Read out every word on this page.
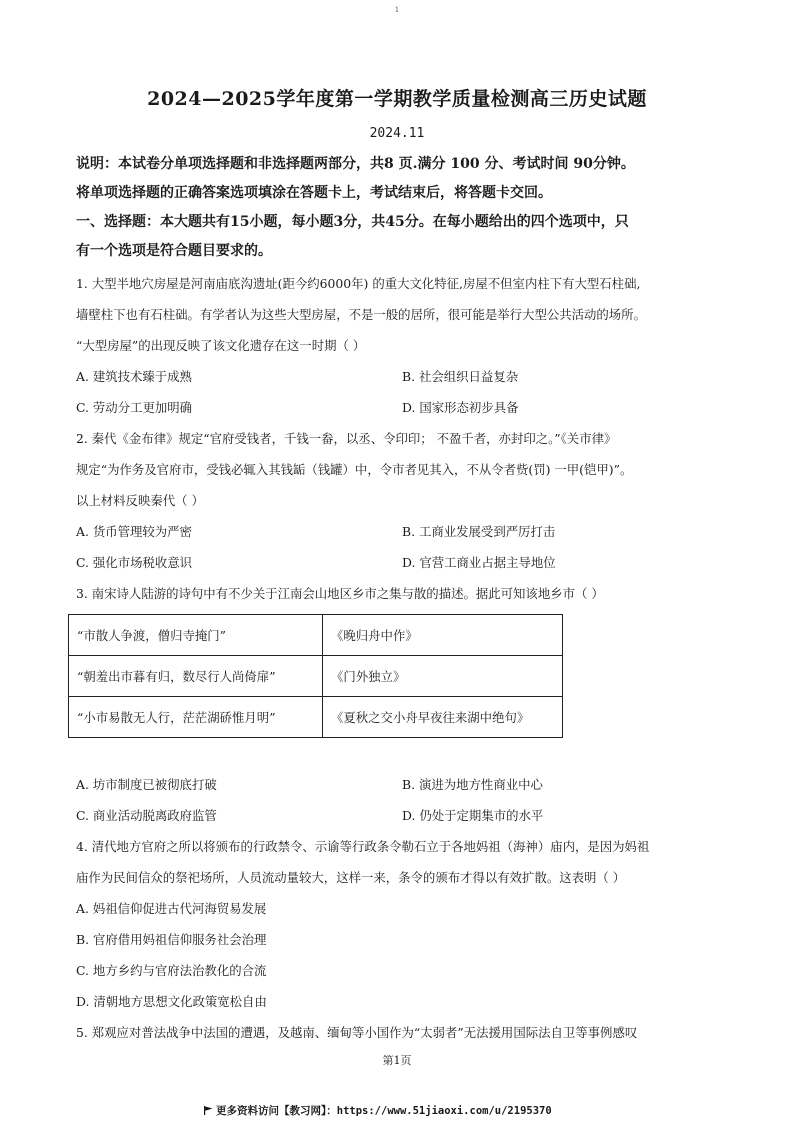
1
2024—2025学年度第一学期教学质量检测高三历史试题
2024.11
说明：本试卷分单项选择题和非选择题两部分，共8 页.满分 100 分、考试时间 90分钟。
将单项选择题的正确答案选项填涂在答题卡上，考试结束后，将答题卡交回。
一、选择题：本大题共有15小题，每小题3分，共45分。在每小题给出的四个选项中，只
有一个选项是符合题目要求的。
1. 大型半地穴房屋是河南庙底沟遗址(距今约6000年) 的重大文化特征,房屋不但室内柱下有大型石柱础,
墙壁柱下也有石柱础。有学者认为这些大型房屋，不是一般的居所，很可能是举行大型公共活动的场所。
“大型房屋”的出现反映了该文化遗存在这一时期（ ）
A. 建筑技术臻于成熟	B. 社会组织日益复杂
C. 劳动分工更加明确	D. 国家形态初步具备
2. 秦代《金布律》规定“官府受钱者，千钱一畚，以丞、令印印； 不盈千者，亦封印之。”《关市律》
规定“为作务及官府市，受钱必辄入其钱缿（钱罐）中，令市者见其入，不从令者赀(罚) 一甲(铠甲)”。
以上材料反映秦代（ ）
A. 货币管理较为严密	B. 工商业发展受到严厉打击
C. 强化市场税收意识	D. 官营工商业占据主导地位
3. 南宋诗人陆游的诗句中有不少关于江南会山地区乡市之集与散的描述。据此可知该地乡市（ ）
“市散人争渡，僧归寺掩门”	《晚归舟中作》
“朝羞出市暮有归，数尽行人尚倚扉”	《门外独立》
“小市易散无人行，茫茫湖硚惟月明”	《夏秋之交小舟早夜往来湖中绝句》
A. 坊市制度已被彻底打破	B. 演进为地方性商业中心
C. 商业活动脱离政府监管	D. 仍处于定期集市的水平
4. 清代地方官府之所以将颁布的行政禁令、示谕等行政条令勒石立于各地妈祖（海神）庙内，是因为妈祖
庙作为民间信众的祭祀场所，人员流动量较大，这样一来，条令的颁布才得以有效扩散。这表明（ ）
A. 妈祖信仰促进古代河海贸易发展
B. 官府借用妈祖信仰服务社会治理
C. 地方乡约与官府法治教化的合流
D. 清朝地方思想文化政策宽松自由
5. 郑观应对普法战争中法国的遭遇，及越南、缅甸等小国作为“太弱者”无法援用国际法自卫等事例感叹
第1页
更多资料访问【教习网】：https://www.51jiaoxi.com/u/2195370
